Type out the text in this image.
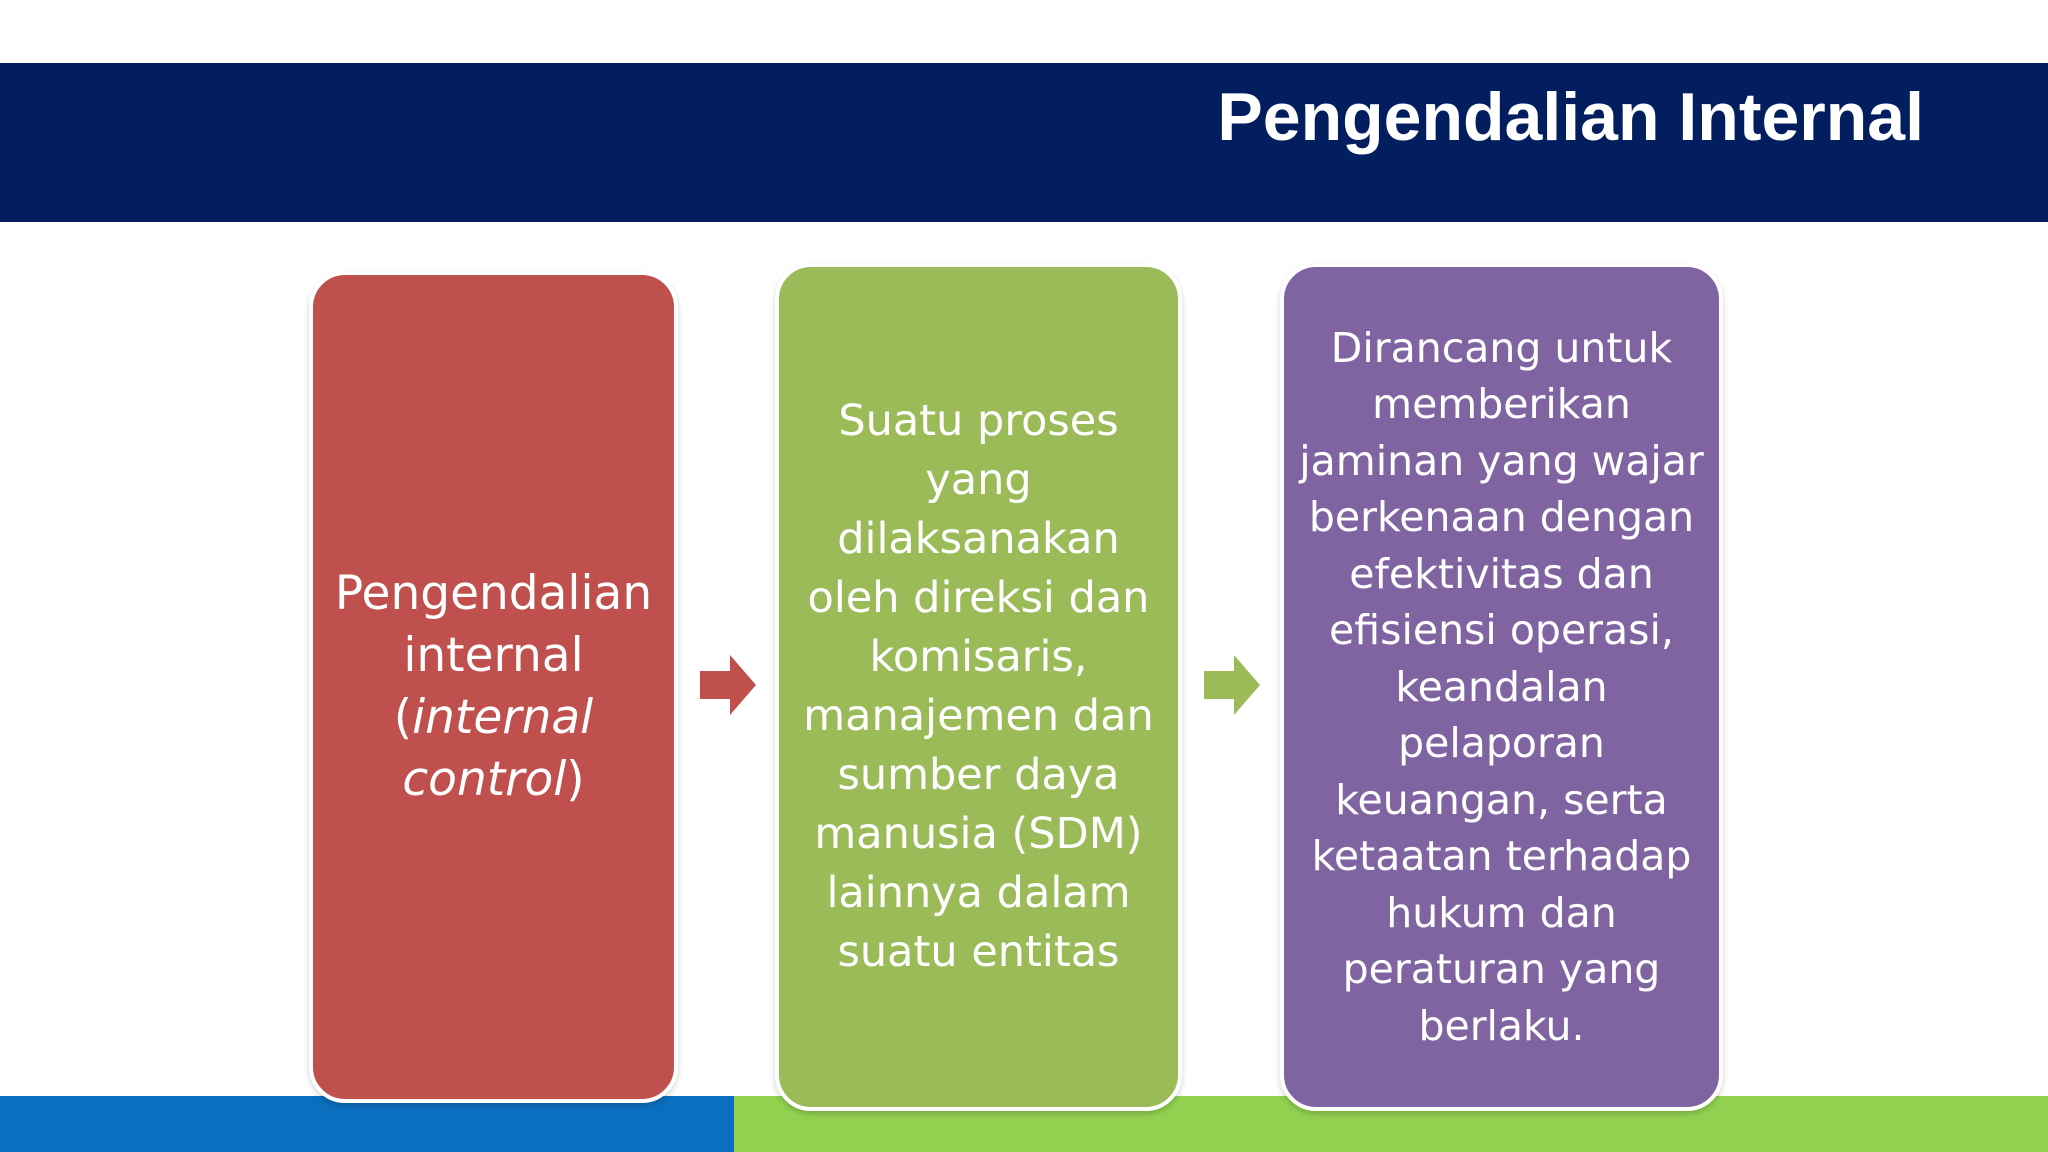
Pengendalian Internal

Pengendalian internal (internal control)

Suatu proses yang dilaksanakan oleh direksi dan komisaris, manajemen dan sumber daya manusia (SDM) lainnya dalam suatu entitas

Dirancang untuk memberikan jaminan yang wajar berkenaan dengan efektivitas dan efisiensi operasi, keandalan pelaporan keuangan, serta ketaatan terhadap hukum dan peraturan yang berlaku.
